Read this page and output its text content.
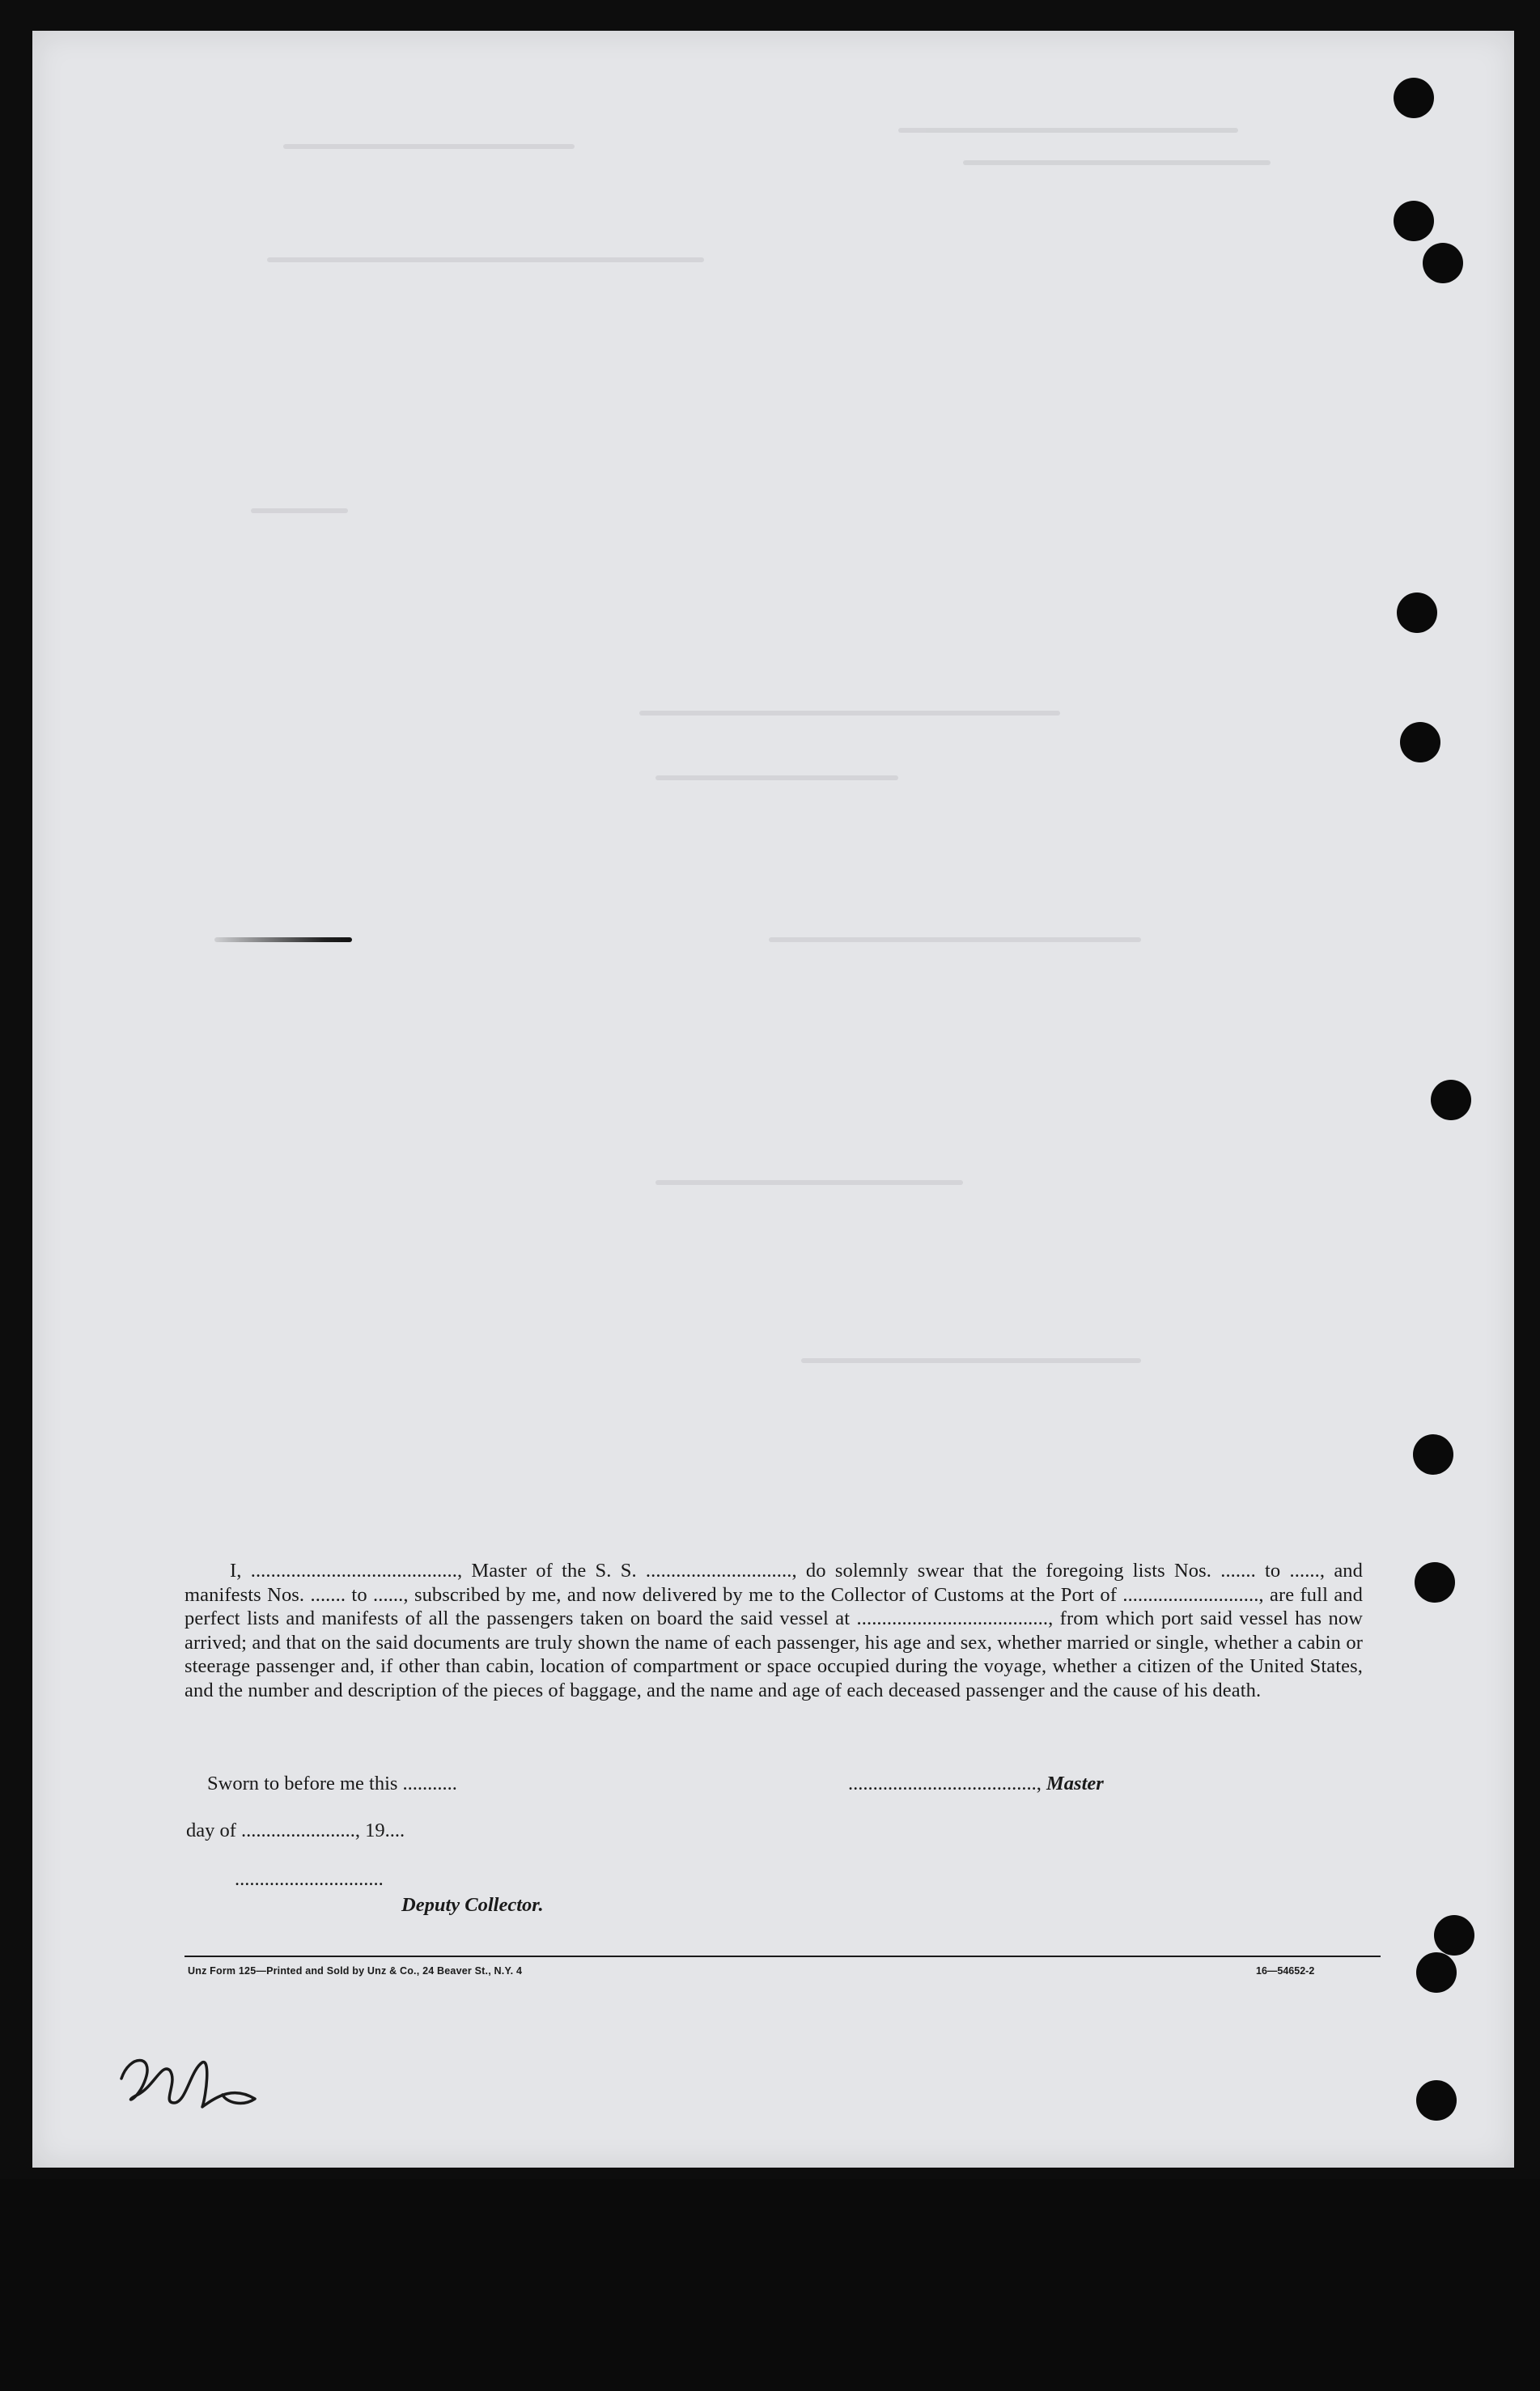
I, ........................................., Master of the S. S. ............................., do solemnly swear that the foregoing lists Nos. ....... to ......, and manifests Nos. ....... to ......, subscribed by me, and now delivered by me to the Collector of Customs at the Port of ..........................., are full and perfect lists and manifests of all the passengers taken on board the said vessel at ......................................, from which port said vessel has now arrived; and that on the said documents are truly shown the name of each passenger, his age and sex, whether married or single, whether a cabin or steerage passenger and, if other than cabin, location of compartment or space occupied during the voyage, whether a citizen of the United States, and the number and description of the pieces of baggage, and the name and age of each deceased passenger and the cause of his death.

Sworn to before me this ...........	......................................, Master
day of ......................., 19....
..............................
Deputy Collector.
Unz Form 125—Printed and Sold by Unz & Co., 24 Beaver St., N.Y. 4	16—54652-2
